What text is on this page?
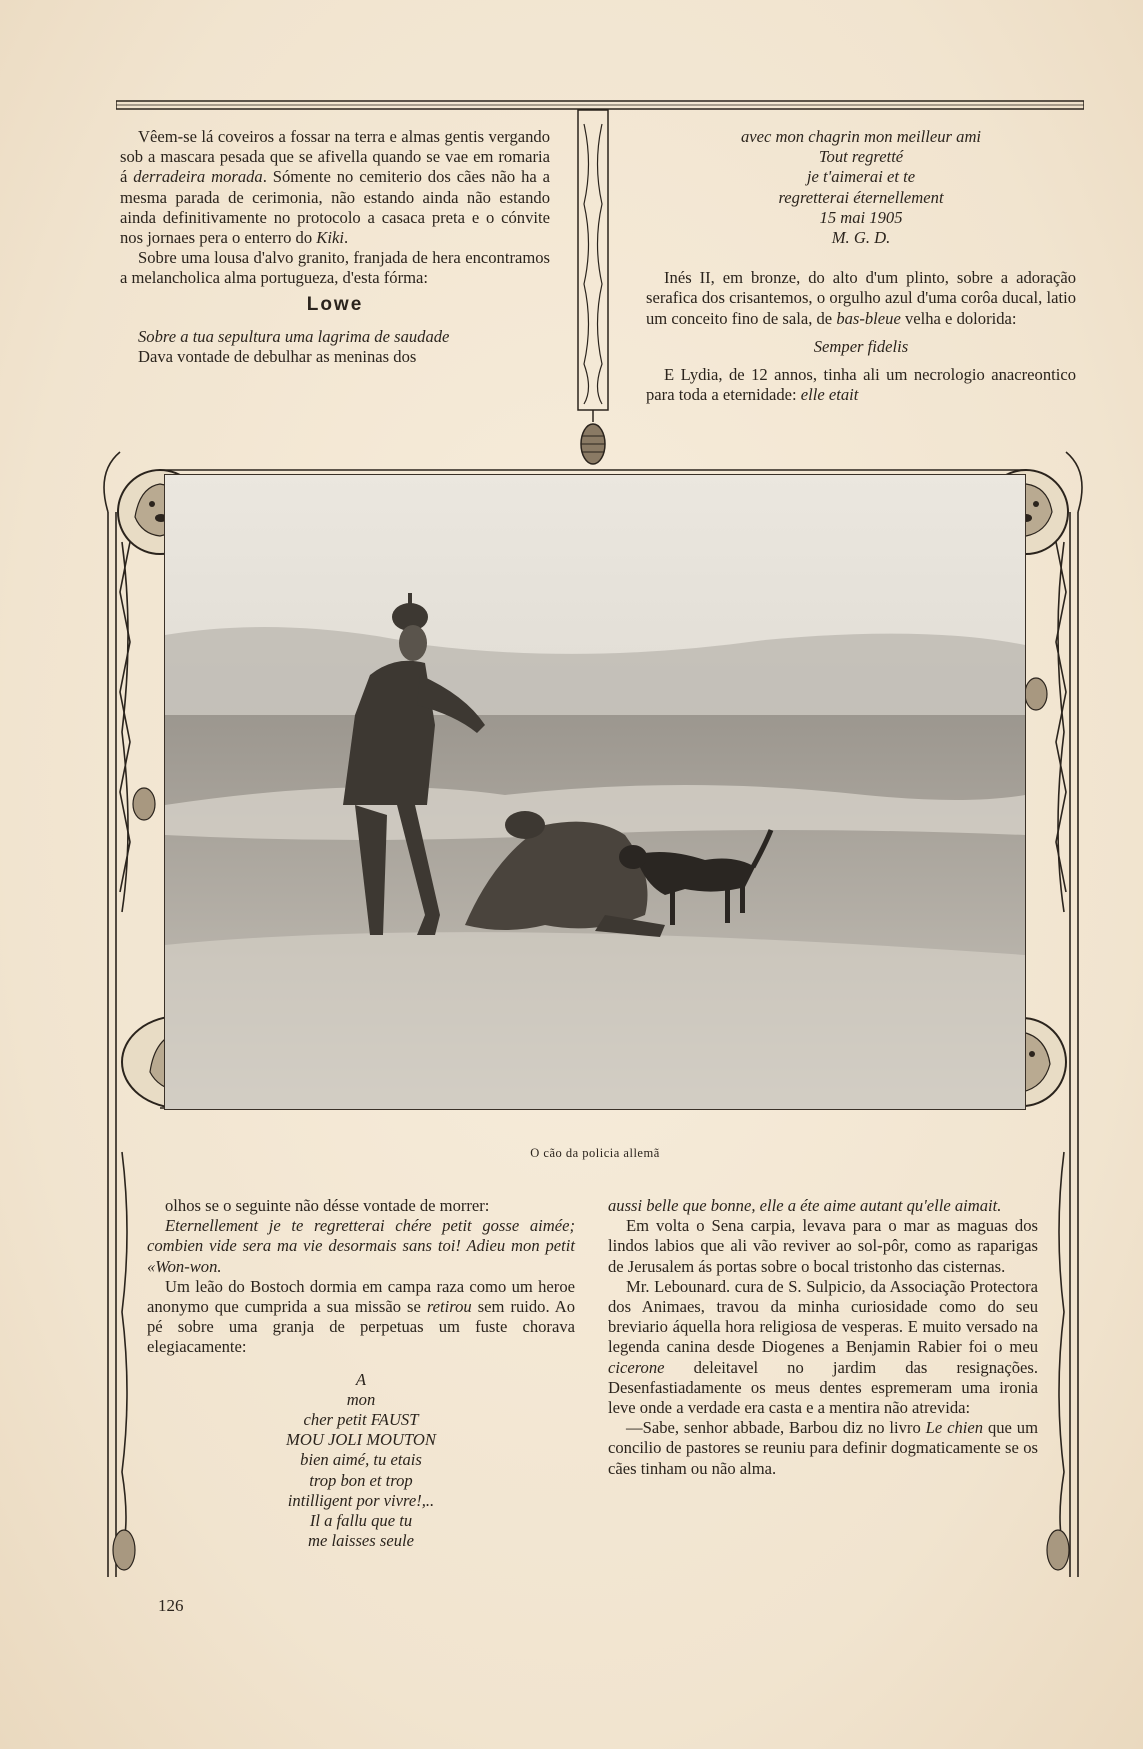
Vêem-se lá coveiros a fossar na terra e almas gentis vergando sob a mascara pesada que se afivella quando se vae em romaria á derradeira morada. Sómente no cemiterio dos cães não ha a mesma parada de cerimonia, não estando ainda não estando ainda definitivamente no protocolo a casaca preta e o cónvite nos jornaes pera o enterro do Kiki.

Sobre uma lousa d'alvo granito, franjada de hera encontramos a melancholica alma portugueza, d'esta fórma:

Lowe

Sobre a tua sepultura uma lagrima de saudade

Dava vontade de debulhar as meninas dos

avec mon chagrin mon meilleur ami
Tout regretté
je t'aimerai et te
regretterai éternellement
15 mai 1905
M. G. D.

Inés II, em bronze, do alto d'um plinto, sobre a adoração serafica dos crisantemos, o orgulho azul d'uma corôa ducal, latio um conceito fino de sala, de bas-bleue velha e dolorida:

Semper fidelis

E Lydia, de 12 annos, tinha ali um necrologio anacreontico para toda a eternidade: elle etait

O cão da policia allemã

olhos se o seguinte não désse vontade de morrer:

Eternellement je te regretterai chére petit gosse aimée; combien vide sera ma vie desormais sans toi! Adieu mon petit «Won-won.

Um leão do Bostoch dormia em campa raza como um heroe anonymo que cumprida a sua missão se retirou sem ruido. Ao pé sobre uma granja de perpetuas um fuste chorava elegiacamente:

A
mon
cher petit FAUST
MOU JOLI MOUTON
bien aimé, tu etais
trop bon et trop
intilligent por vivre!,..
Il a fallu que tu
me laisses seule

aussi belle que bonne, elle a éte aime autant qu'elle aimait.

Em volta o Sena carpia, levava para o mar as maguas dos lindos labios que ali vão reviver ao sol-pôr, como as raparigas de Jerusalem ás portas sobre o bocal tristonho das cisternas.

Mr. Lebounard. cura de S. Sulpicio, da Associação Protectora dos Animaes, travou da minha curiosidade como do seu breviario áquella hora religiosa de vesperas. E muito versado na legenda canina desde Diogenes a Benjamin Rabier foi o meu cicerone deleitavel no jardim das resignações. Desenfastiadamente os meus dentes espremeram uma ironia leve onde a verdade era casta e a mentira não atrevida:

—Sabe, senhor abbade, Barbou diz no livro Le chien que um concilio de pastores se reuniu para definir dogmaticamente se os cães tinham ou não alma.

126
